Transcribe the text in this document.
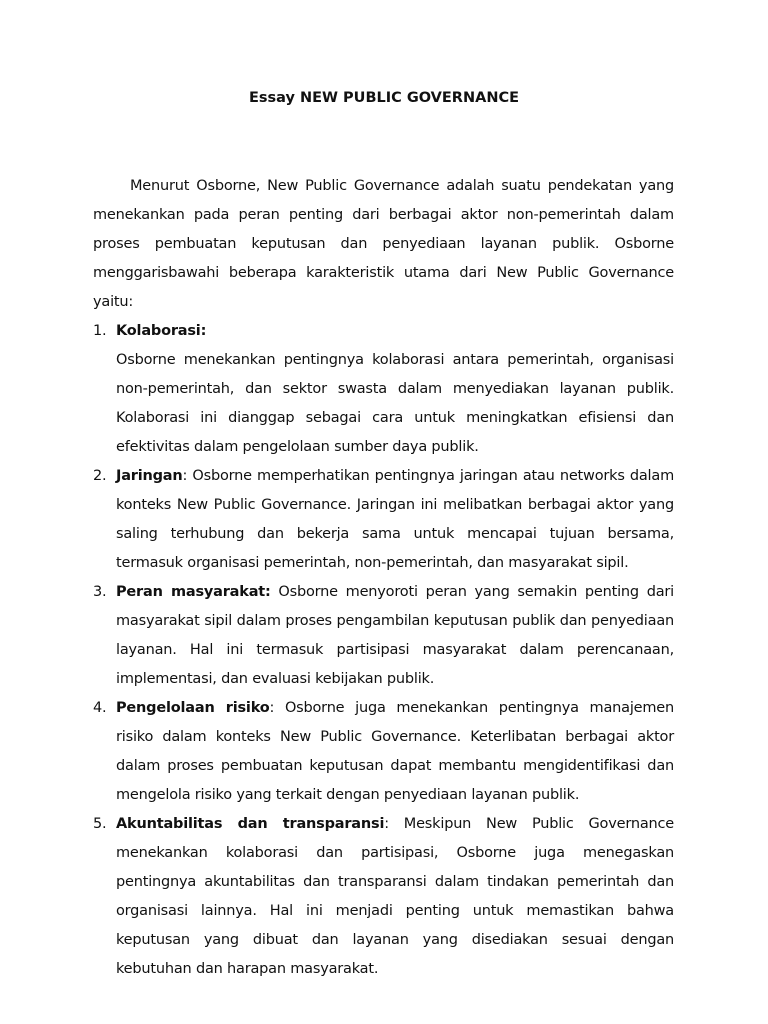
Essay NEW PUBLIC GOVERNANCE

Menurut Osborne, New Public Governance adalah suatu pendekatan yang menekankan pada peran penting dari berbagai aktor non-pemerintah dalam proses pembuatan keputusan dan penyediaan layanan publik. Osborne menggarisbawahi beberapa karakteristik utama dari New Public Governance yaitu:

1. Kolaborasi:
Osborne menekankan pentingnya kolaborasi antara pemerintah, organisasi non-pemerintah, dan sektor swasta dalam menyediakan layanan publik. Kolaborasi ini dianggap sebagai cara untuk meningkatkan efisiensi dan efektivitas dalam pengelolaan sumber daya publik.
2. Jaringan: Osborne memperhatikan pentingnya jaringan atau networks dalam konteks New Public Governance. Jaringan ini melibatkan berbagai aktor yang saling terhubung dan bekerja sama untuk mencapai tujuan bersama, termasuk organisasi pemerintah, non-pemerintah, dan masyarakat sipil.
3. Peran masyarakat: Osborne menyoroti peran yang semakin penting dari masyarakat sipil dalam proses pengambilan keputusan publik dan penyediaan layanan. Hal ini termasuk partisipasi masyarakat dalam perencanaan, implementasi, dan evaluasi kebijakan publik.
4. Pengelolaan risiko: Osborne juga menekankan pentingnya manajemen risiko dalam konteks New Public Governance. Keterlibatan berbagai aktor dalam proses pembuatan keputusan dapat membantu mengidentifikasi dan mengelola risiko yang terkait dengan penyediaan layanan publik.
5. Akuntabilitas dan transparansi: Meskipun New Public Governance menekankan kolaborasi dan partisipasi, Osborne juga menegaskan pentingnya akuntabilitas dan transparansi dalam tindakan pemerintah dan organisasi lainnya. Hal ini menjadi penting untuk memastikan bahwa keputusan yang dibuat dan layanan yang disediakan sesuai dengan kebutuhan dan harapan masyarakat.
